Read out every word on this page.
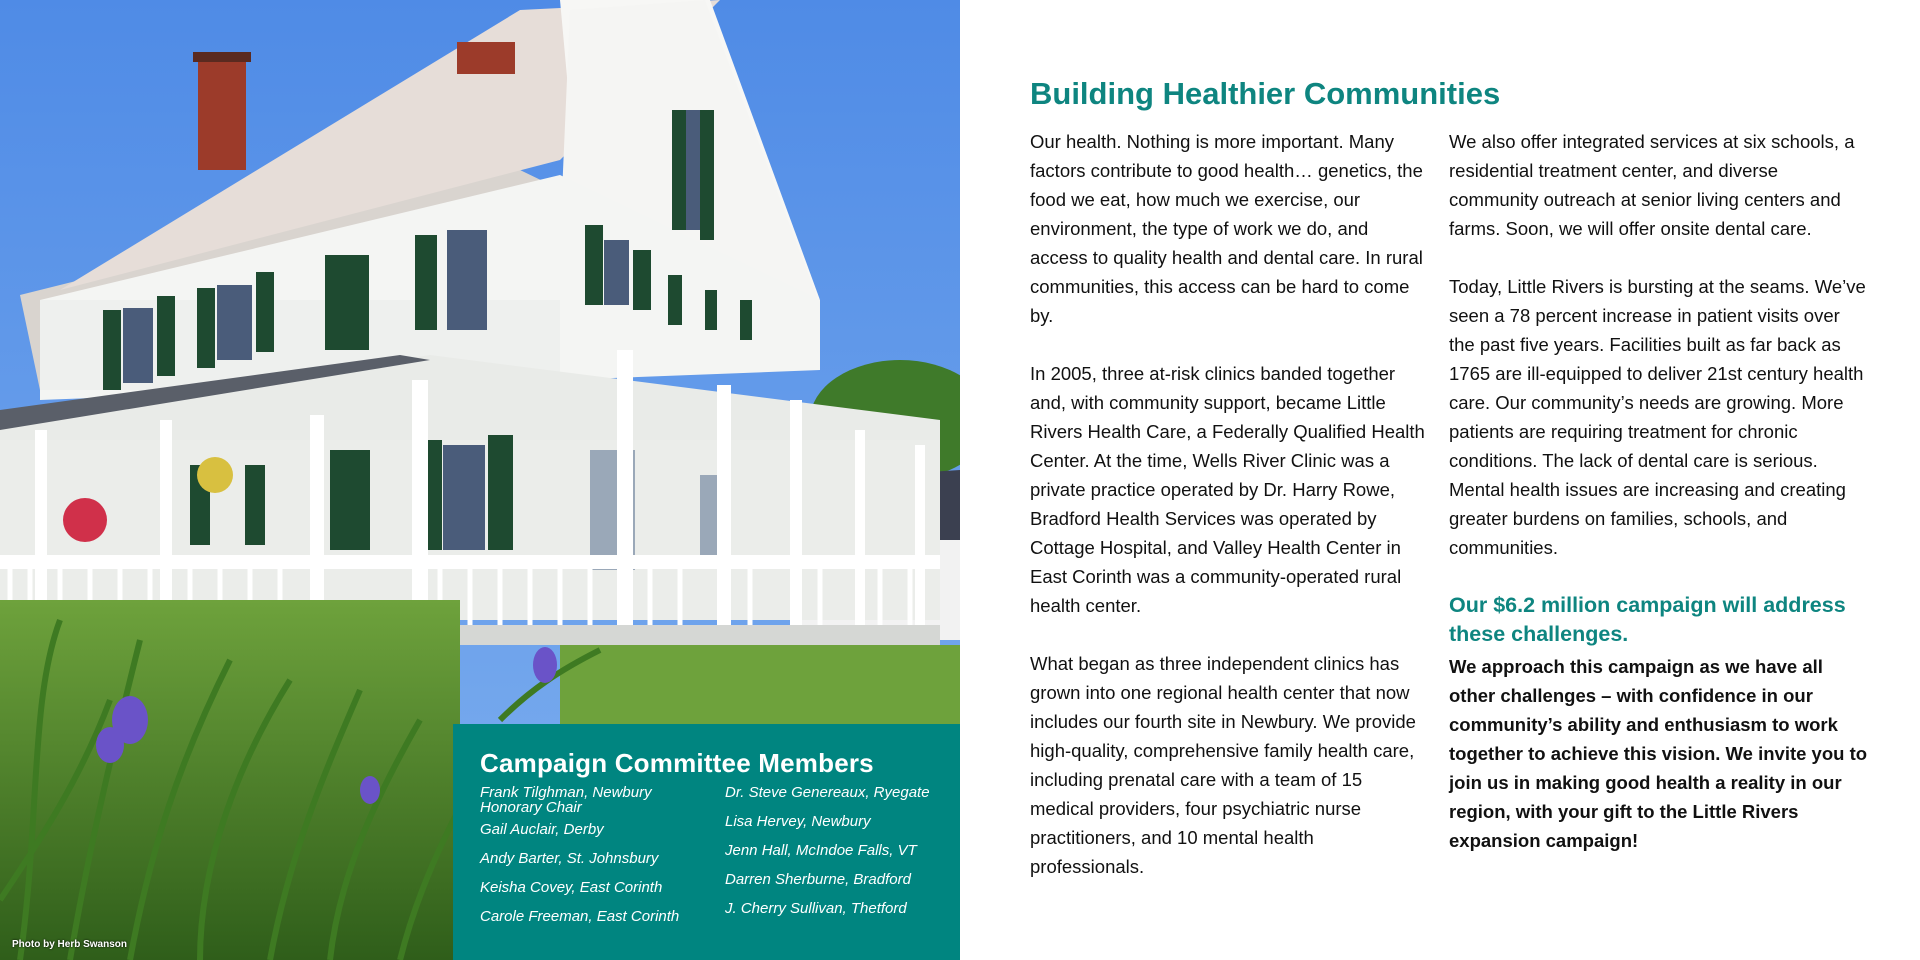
Photo by Herb Swanson
Campaign Committee Members
Frank Tilghman, Newbury
Honorary Chair
Gail Auclair, Derby
Andy Barter, St. Johnsbury
Keisha Covey, East Corinth
Carole Freeman, East Corinth
Dr. Steve Genereaux, Ryegate
Lisa Hervey, Newbury
Jenn Hall, McIndoe Falls, VT
Darren Sherburne, Bradford
J. Cherry Sullivan, Thetford
Building Healthier Communities

Our health. Nothing is more important. Many factors contribute to good health… genetics, the food we eat, how much we exercise, our environment, the type of work we do, and access to quality health and dental care. In rural communities, this access can be hard to come by.

In 2005, three at-risk clinics banded together and, with community support, became Little Rivers Health Care, a Federally Qualified Health Center. At the time, Wells River Clinic was a private practice operated by Dr. Harry Rowe, Bradford Health Services was operated by Cottage Hospital, and Valley Health Center in East Corinth was a community-operated rural health center.

What began as three independent clinics has grown into one regional health center that now includes our fourth site in Newbury. We provide high-quality, comprehensive family health care, including prenatal care with a team of 15 medical providers, four psychiatric nurse practitioners, and 10 mental health professionals.

We also offer integrated services at six schools, a residential treatment center, and diverse community outreach at senior living centers and farms. Soon, we will offer onsite dental care.

Today, Little Rivers is bursting at the seams. We’ve seen a 78 percent increase in patient visits over the past five years. Facilities built as far back as 1765 are ill-equipped to deliver 21st century health care. Our community’s needs are growing. More patients are requiring treatment for chronic conditions. The lack of dental care is serious. Mental health issues are increasing and creating greater burdens on families, schools, and communities.

Our $6.2 million campaign will address these challenges.

We approach this campaign as we have all other challenges – with confidence in our community’s ability and enthusiasm to work together to achieve this vision. We invite you to join us in making good health a reality in our region, with your gift to the Little Rivers expansion campaign!
